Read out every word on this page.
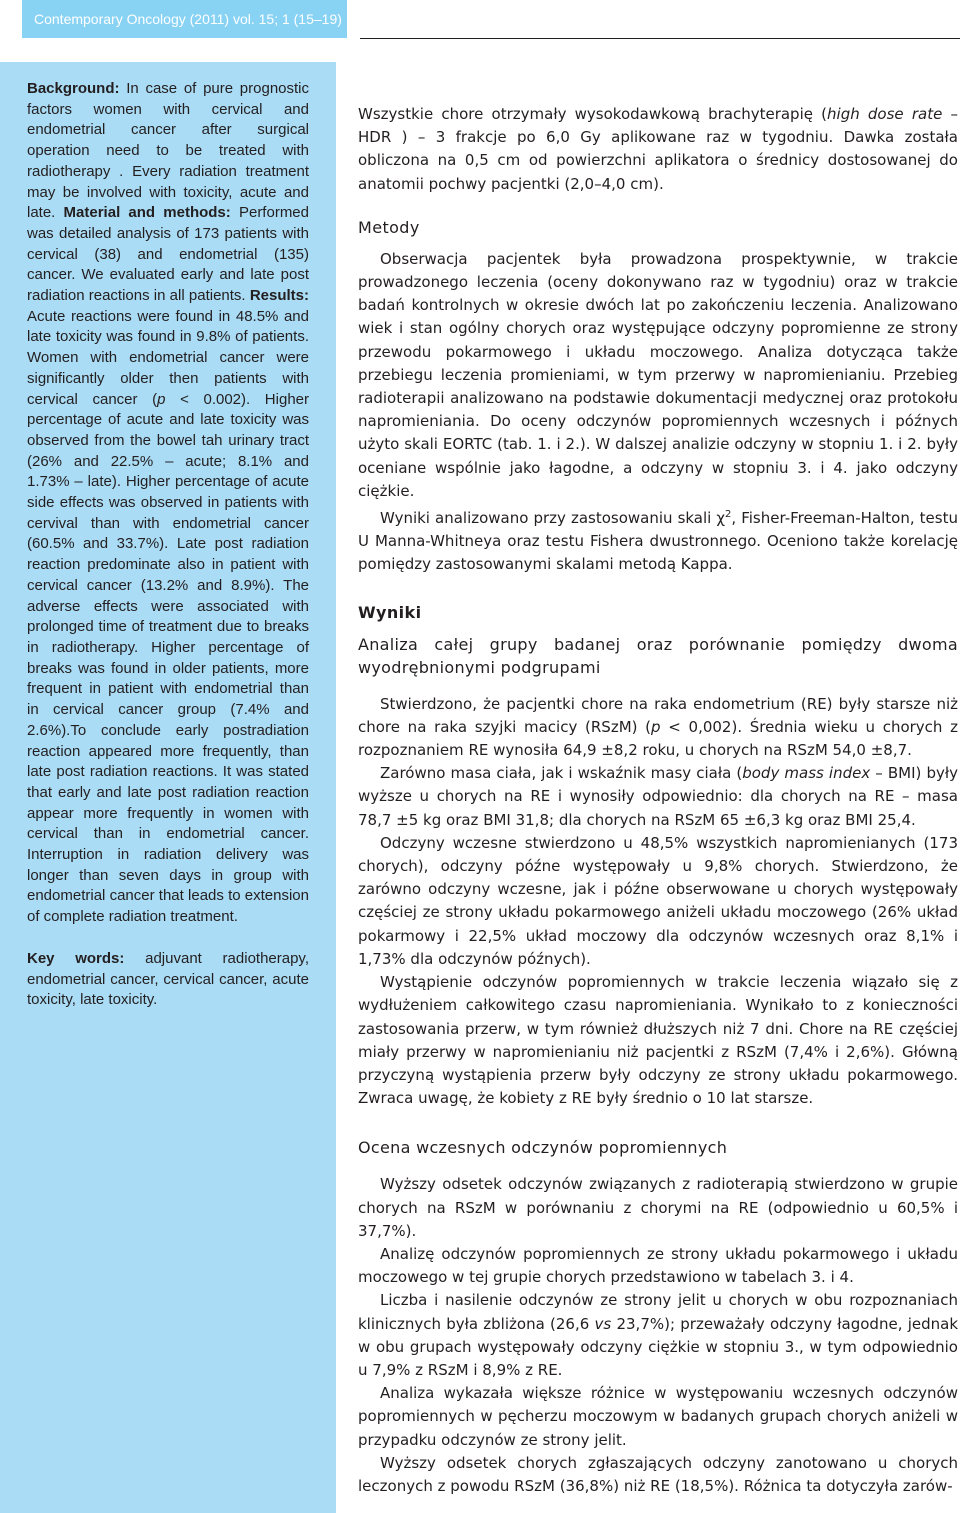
Contemporary Oncology (2011) vol. 15; 1 (15–19)

Background: In case of pure prognostic factors women with cervical and endometrial cancer after surgical operation need to be treated with radiotherapy . Every radiation treatment may be involved with toxicity, acute and late. Material and methods: Performed was detailed analysis of 173 patients with cervical (38) and endometrial (135) cancer. We evaluated early and late post radiation reactions in all patients. Results: Acute reactions were found in 48.5% and late toxicity was found in 9.8% of patients. Women with endometrial cancer were significantly older then patients with cervical cancer (p < 0.002). Higher percentage of acute and late toxicity was observed from the bowel tah urinary tract (26% and 22.5% – acute; 8.1% and 1.73% – late). Higher percentage of acute side effects was observed in patients with cervival than with endometrial cancer (60.5% and 33.7%). Late post radiation reaction predominate also in patient with cervical cancer (13.2% and 8.9%). The adverse effects were associated with prolonged time of treatment due to breaks in radiotherapy. Higher percentage of breaks was found in older patients, more frequent in patient with endometrial than in cervical cancer group (7.4% and 2.6%).To conclude early postradiation reaction appeared more frequently, than late post radiation reactions. It was stated that early and late post radiation reaction appear more frequently in women with cervical than in endometrial cancer. Interruption in radiation delivery was longer than seven days in group with endometrial cancer that leads to extension of complete radiation treatment.

Key words: adjuvant radiotherapy, endometrial cancer, cervical cancer, acute toxicity, late toxicity.

Wszystkie chore otrzymały wysokodawkową brachyterapię (high dose rate – HDR ) – 3 frakcje po 6,0 Gy aplikowane raz w tygodniu. Dawka została obliczona na 0,5 cm od powierzchni aplikatora o średnicy dostosowanej do anatomii pochwy pacjentki (2,0–4,0 cm).

Metody

Obserwacja pacjentek była prowadzona prospektywnie, w trakcie prowadzonego leczenia (oceny dokonywano raz w tygodniu) oraz w trakcie badań kontrolnych w okresie dwóch lat po zakończeniu leczenia. Analizowano wiek i stan ogólny chorych oraz występujące odczyny popromienne ze strony przewodu pokarmowego i układu moczowego. Analiza dotycząca także przebiegu leczenia promieniami, w tym przerwy w napromienianiu. Przebieg radioterapii analizowano na podstawie dokumentacji medycznej oraz protokołu napromieniania. Do oceny odczynów popromiennych wczesnych i późnych użyto skali EORTC (tab. 1. i 2.). W dalszej analizie odczyny w stopniu 1. i 2. były oceniane wspólnie jako łagodne, a odczyny w stopniu 3. i 4. jako odczyny ciężkie.

Wyniki analizowano przy zastosowaniu skali $\chi^2$, Fisher-Freeman-Halton, testu U Manna-Whitneya oraz testu Fishera dwustronnego. Oceniono także korelację pomiędzy zastosowanymi skalami metodą Kappa.

Wyniki
Analiza całej grupy badanej oraz porównanie pomiędzy dwoma wyodrębnionymi podgrupami

Stwierdzono, że pacjentki chore na raka endometrium (RE) były starsze niż chore na raka szyjki macicy (RSzM) (p < 0,002). Średnia wieku u chorych z rozpoznaniem RE wynosiła 64,9 ±8,2 roku, u chorych na RSzM 54,0 ±8,7.

Zarówno masa ciała, jak i wskaźnik masy ciała (body mass index – BMI) były wyższe u chorych na RE i wynosiły odpowiednio: dla chorych na RE – masa 78,7 ±5 kg oraz BMI 31,8; dla chorych na RSzM 65 ±6,3 kg oraz BMI 25,4.

Odczyny wczesne stwierdzono u 48,5% wszystkich napromienianych (173 chorych), odczyny późne występowały u 9,8% chorych. Stwierdzono, że zarówno odczyny wczesne, jak i późne obserwowane u chorych występowały częściej ze strony układu pokarmowego aniżeli układu moczowego (26% układ pokarmowy i 22,5% układ moczowy dla odczynów wczesnych oraz 8,1% i 1,73% dla odczynów późnych).

Wystąpienie odczynów popromiennych w trakcie leczenia wiązało się z wydłużeniem całkowitego czasu napromieniania. Wynikało to z konieczności zastosowania przerw, w tym również dłuższych niż 7 dni. Chore na RE częściej miały przerwy w napromienianiu niż pacjentki z RSzM (7,4% i 2,6%). Główną przyczyną wystąpienia przerw były odczyny ze strony układu pokarmowego. Zwraca uwagę, że kobiety z RE były średnio o 10 lat starsze.

Ocena wczesnych odczynów popromiennych

Wyższy odsetek odczynów związanych z radioterapią stwierdzono w grupie chorych na RSzM w porównaniu z chorymi na RE (odpowiednio u 60,5% i 37,7%).

Analizę odczynów popromiennych ze strony układu pokarmowego i układu moczowego w tej grupie chorych przedstawiono w tabelach 3. i 4.

Liczba i nasilenie odczynów ze strony jelit u chorych w obu rozpoznaniach klinicznych była zbliżona (26,6 vs 23,7%); przeważały odczyny łagodne, jednak w obu grupach występowały odczyny ciężkie w stopniu 3., w tym odpowiednio u 7,9% z RSzM i 8,9% z RE.

Analiza wykazała większe różnice w występowaniu wczesnych odczynów popromiennych w pęcherzu moczowym w badanych grupach chorych aniżeli w przypadku odczynów ze strony jelit.

Wyższy odsetek chorych zgłaszających odczyny zanotowano u chorych leczonych z powodu RSzM (36,8%) niż RE (18,5%). Różnica ta dotyczyła zarów-
